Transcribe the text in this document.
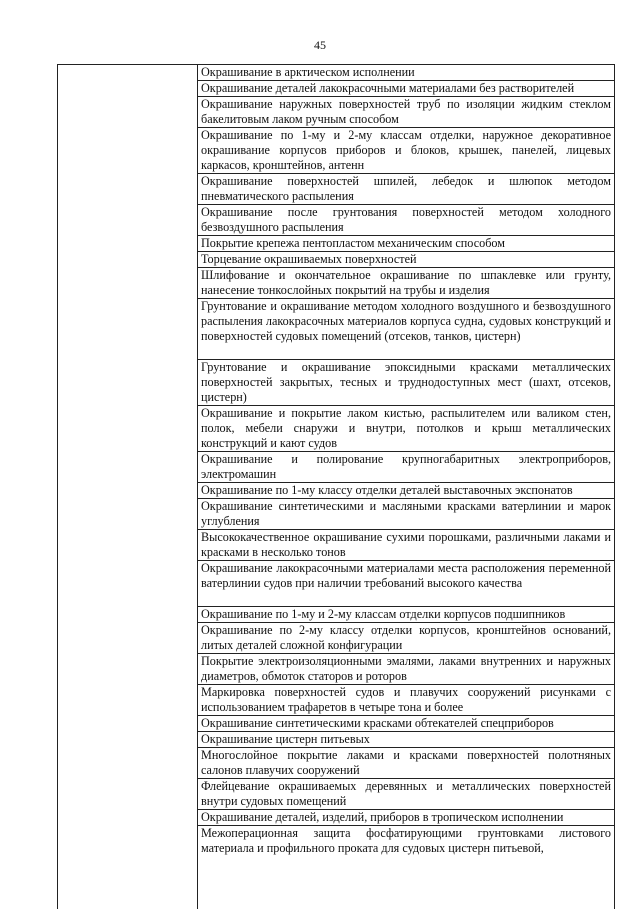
45
Окрашивание в арктическом исполнении
Окрашивание деталей лакокрасочными материалами без растворителей
Окрашивание наружных поверхностей труб по изоляции жидким стеклом бакелитовым лаком ручным способом
Окрашивание по 1-му и 2-му классам отделки, наружное декоративное окрашивание корпусов приборов и блоков, крышек, панелей, лицевых каркасов, кронштейнов, антенн
Окрашивание поверхностей шпилей, лебедок и шлюпок методом пневматического распыления
Окрашивание после грунтования поверхностей методом холодного безвоздушного распыления
Покрытие крепежа пентопластом механическим способом
Торцевание окрашиваемых поверхностей
Шлифование и окончательное окрашивание по шпаклевке или грунту, нанесение тонкослойных покрытий на трубы и изделия
Грунтование и окрашивание методом холодного воздушного и безвоздушного распыления лакокрасочных материалов корпуса судна, судовых конструкций и поверхностей судовых помещений (отсеков, танков, цистерн)
Грунтование и окрашивание эпоксидными красками металлических поверхностей закрытых, тесных и труднодоступных мест (шахт, отсеков, цистерн)
Окрашивание и покрытие лаком кистью, распылителем или валиком стен, полок, мебели снаружи и внутри, потолков и крыш металлических конструкций и кают судов
Окрашивание и полирование крупногабаритных электроприборов, электромашин
Окрашивание по 1-му классу отделки деталей выставочных экспонатов
Окрашивание синтетическими и масляными красками ватерлинии и марок углубления
Высококачественное окрашивание сухими порошками, различными лаками и красками в несколько тонов
Окрашивание лакокрасочными материалами места расположения переменной ватерлинии судов при наличии требований высокого качества
Окрашивание по 1-му и 2-му классам отделки корпусов подшипников
Окрашивание по 2-му классу отделки корпусов, кронштейнов оснований, литых деталей сложной конфигурации
Покрытие электроизоляционными эмалями, лаками внутренних и наружных диаметров, обмоток статоров и роторов
Маркировка поверхностей судов и плавучих сооружений рисунками с использованием трафаретов в четыре тона и более
Окрашивание синтетическими красками обтекателей спецприборов
Окрашивание цистерн питьевых
Многослойное покрытие лаками и красками поверхностей полотняных салонов плавучих сооружений
Флейцевание окрашиваемых деревянных и металлических поверхностей внутри судовых помещений
Окрашивание деталей, изделий, приборов в тропическом исполнении
Межоперационная защита фосфатирующими грунтовками листового материала и профильного проката для судовых цистерн питьевой,
